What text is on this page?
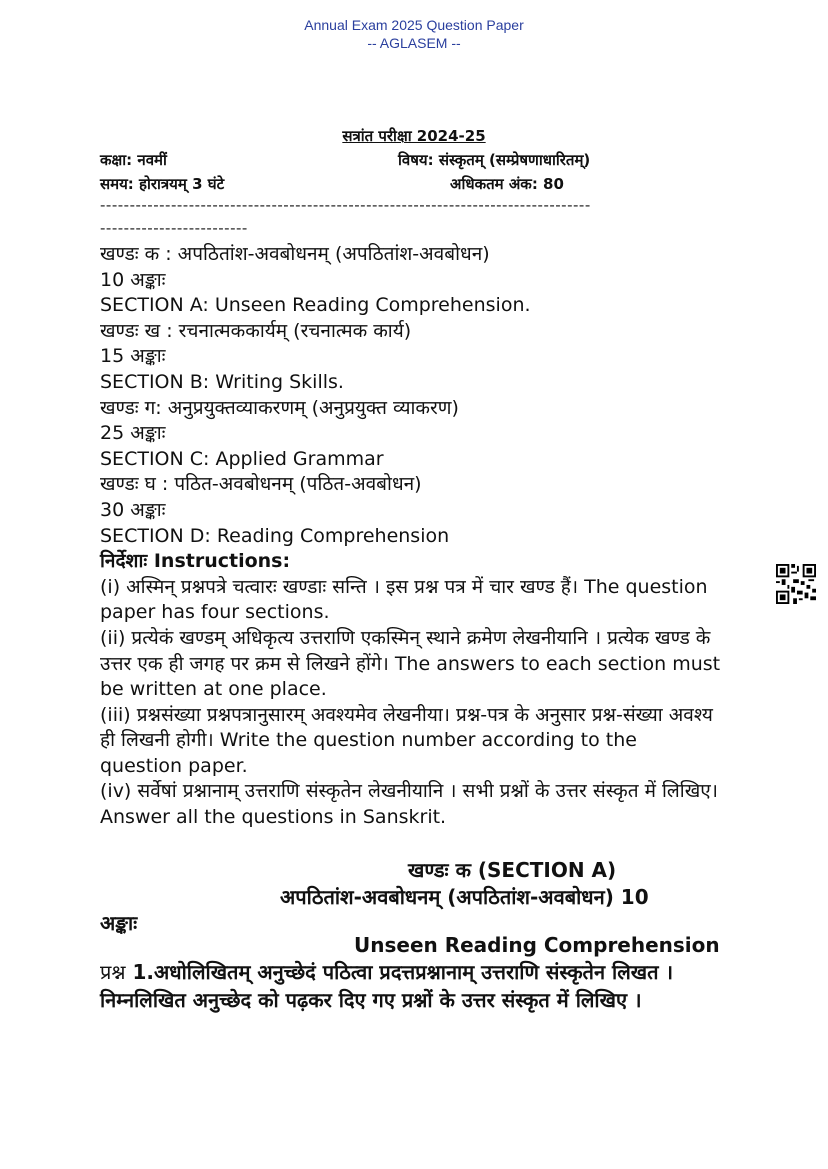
Annual Exam 2025 Question Paper
-- AGLASEM --
सत्रांत परीक्षा 2024-25
कक्षा: नवमीं	विषय: संस्कृतम् (सम्प्रेषणाधारितम्)
समय: होरात्रयम् 3 घंटे	अधिकतम अंक: 80
-----------------------------------------------------------------------------------
-------------------------

खण्डः क : अपठितांश-अवबोधनम् (अपठितांश-अवबोधन)

10 अङ्काः

SECTION A: Unseen Reading Comprehension.

खण्डः ख : रचनात्मककार्यम् (रचनात्मक कार्य)

15 अङ्काः

SECTION B: Writing Skills.

खण्डः ग: अनुप्रयुक्तव्याकरणम् (अनुप्रयुक्त व्याकरण)

25 अङ्काः

SECTION C: Applied Grammar

खण्डः घ : पठित-अवबोधनम् (पठित-अवबोधन)

30 अङ्काः

SECTION D: Reading Comprehension

निर्देशाः Instructions:

(i) अस्मिन् प्रश्नपत्रे चत्वारः खण्डाः सन्ति । इस प्रश्न पत्र में चार खण्ड हैं। The question paper has four sections.

(ii) प्रत्येकं खण्डम् अधिकृत्य उत्तराणि एकस्मिन् स्थाने क्रमेण लेखनीयानि । प्रत्येक खण्ड के उत्तर एक ही जगह पर क्रम से लिखने होंगे। The answers to each section must be written at one place.

(iii) प्रश्नसंख्या प्रश्नपत्रानुसारम् अवश्यमेव लेखनीया। प्रश्न-पत्र के अनुसार प्रश्न-संख्या अवश्य ही लिखनी होगी। Write the question number according to the question paper.

(iv) सर्वेषां प्रश्नानाम् उत्तराणि संस्कृतेन लेखनीयानि । सभी प्रश्नों के उत्तर संस्कृत में लिखिए। Answer all the questions in Sanskrit.

खण्डः क (SECTION A)
अपठितांश-अवबोधनम् (अपठितांश-अवबोधन) 10
अङ्काः
Unseen Reading Comprehension
प्रश्न 1.अधोलिखितम् अनुच्छेदं पठित्वा प्रदत्तप्रश्नानाम् उत्तराणि संस्कृतेन लिखत । निम्नलिखित अनुच्छेद को पढ़कर दिए गए प्रश्नों के उत्तर संस्कृत में लिखिए ।
